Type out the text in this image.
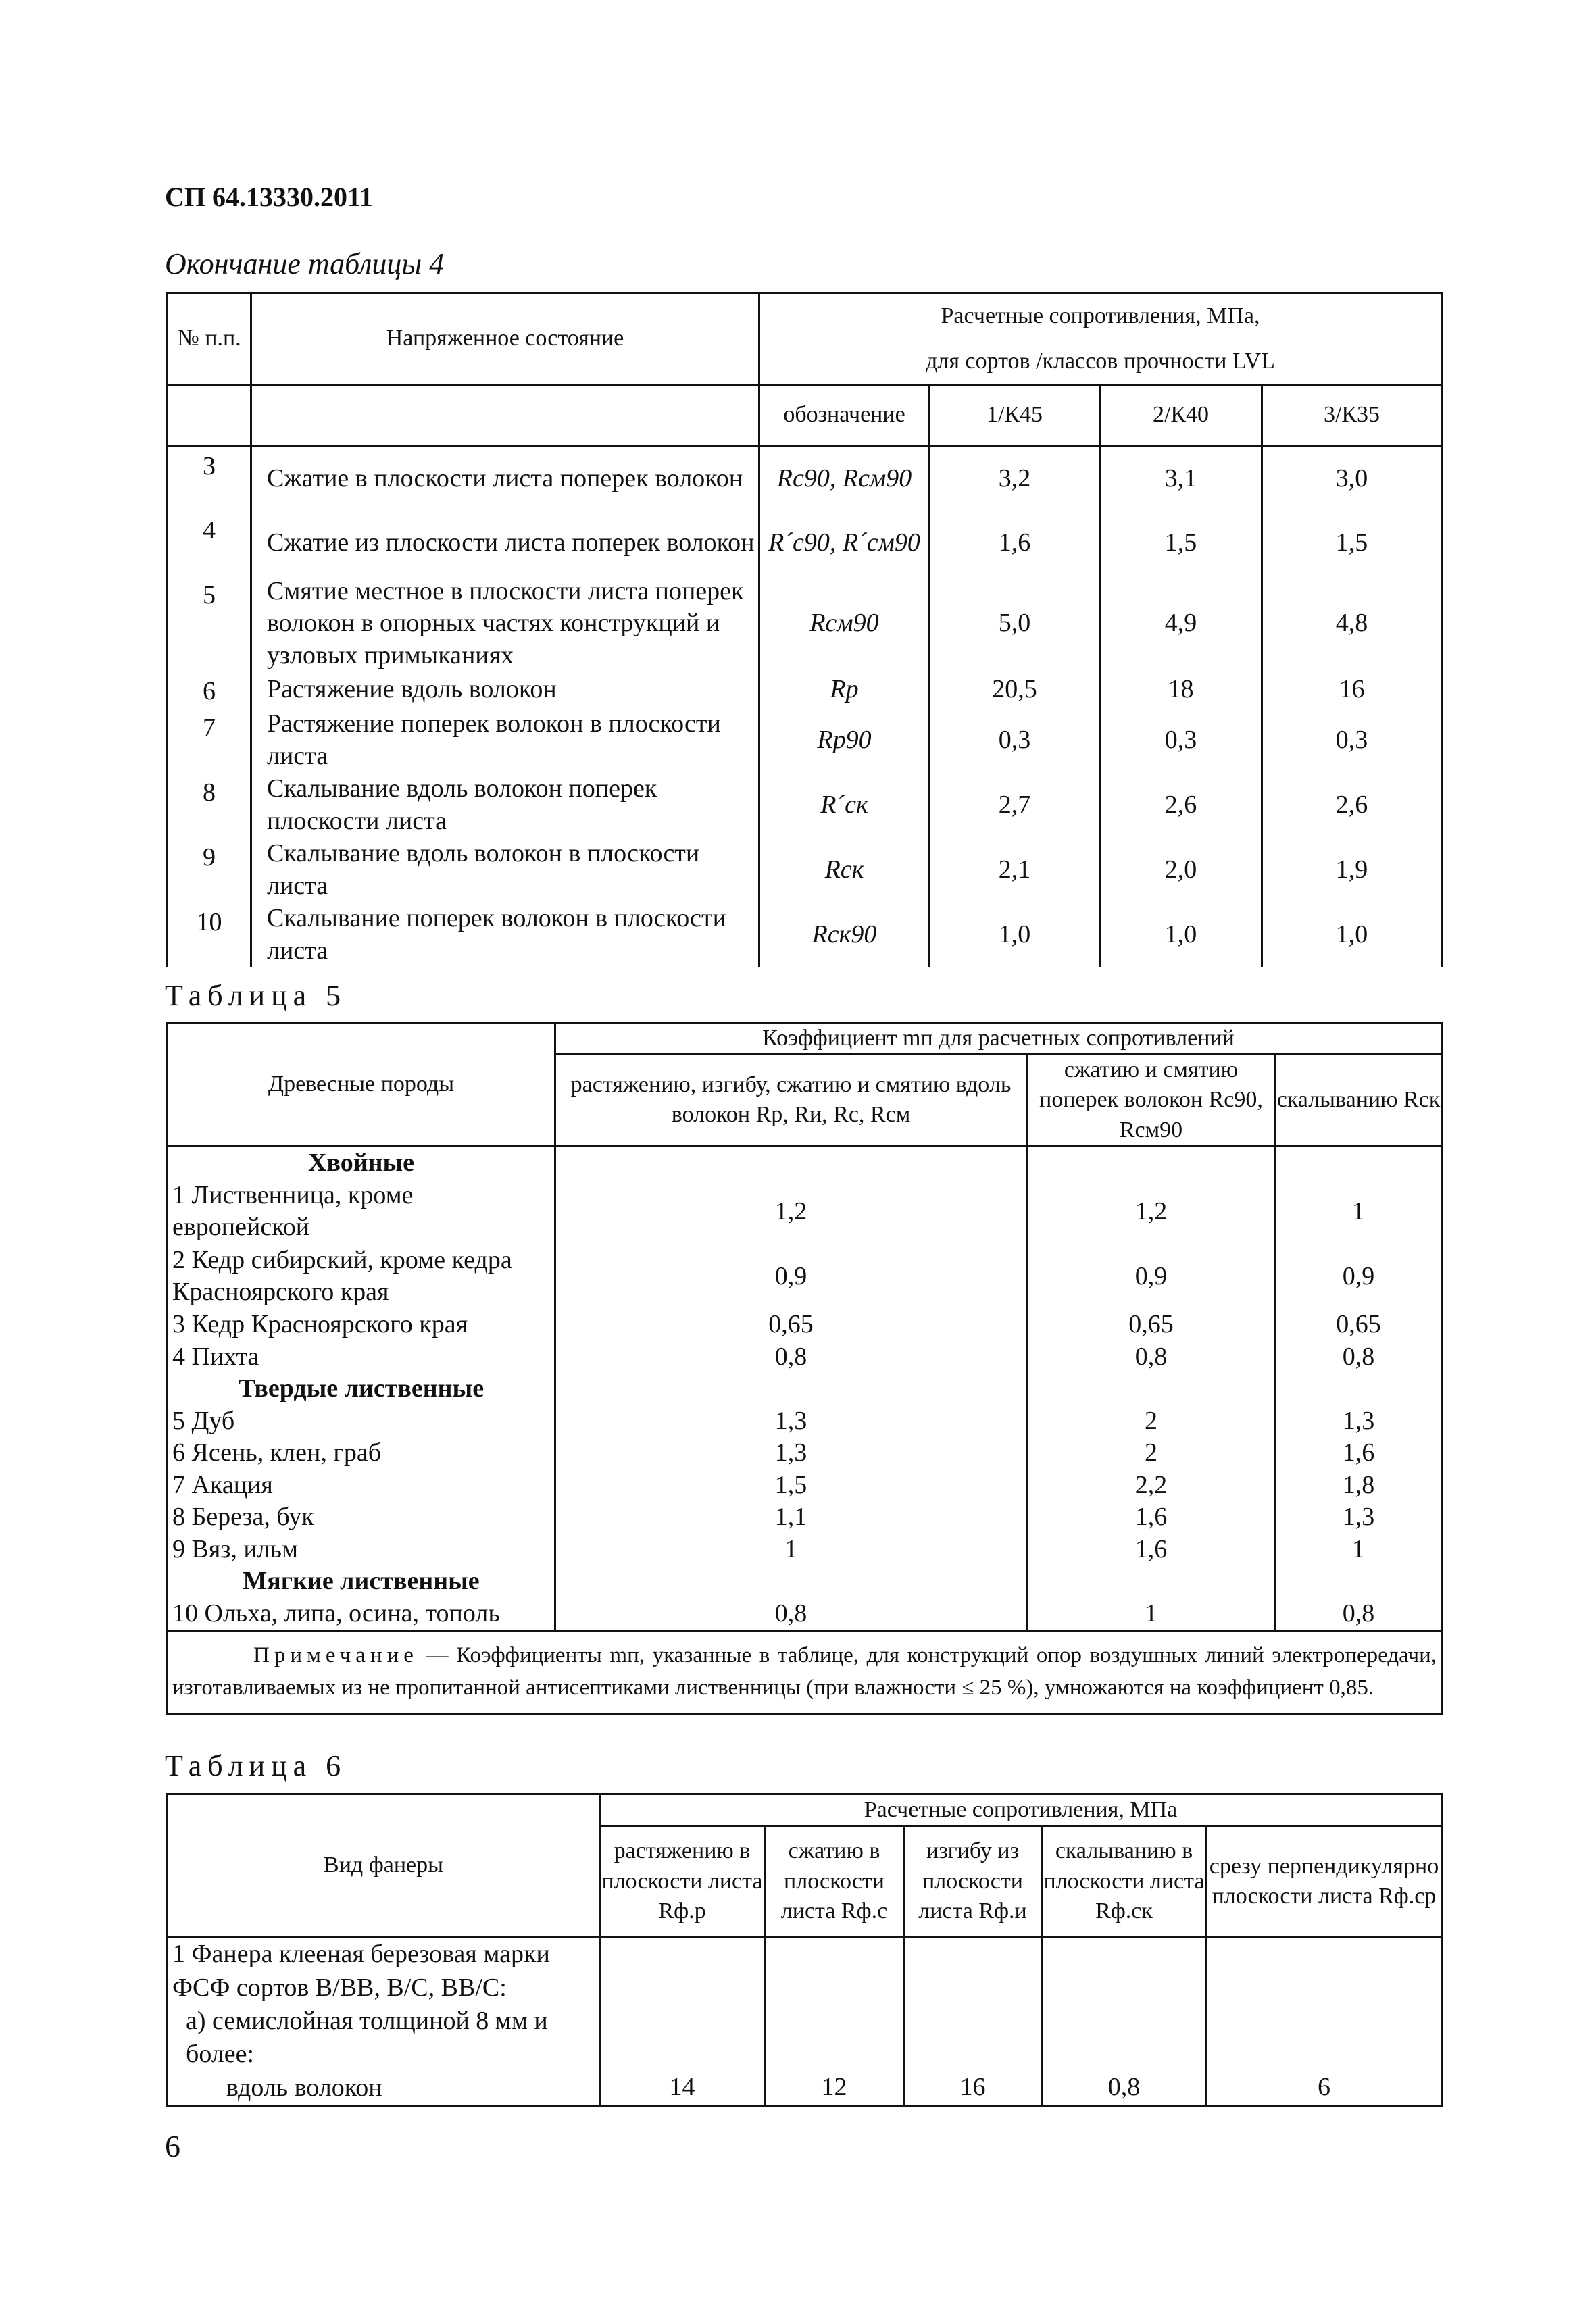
СП 64.13330.2011
Окончание таблицы 4
№ п.п.	Напряженное состояние	Расчетные сопротивления, МПа,			
		для сортов /классов прочности LVL			
		обозначение	1/К45	2/К40	3/К35
3	Сжатие в плоскости листа поперек волокон	Rс90, Rсм90	3,2	3,1	3,0
4	Сжатие из плоскости листа поперек волокон	R´с90, R´см90	1,6	1,5	1,5
5	Смятие местное в плоскости листа поперек волокон в опорных частях конструкций и узловых примыканиях	Rсм90	5,0	4,9	4,8
6	Растяжение вдоль волокон	Rр	20,5	18	16
7	Растяжение поперек волокон в плоскости листа	Rр90	0,3	0,3	0,3
8	Скалывание вдоль волокон поперек плоскости листа	R´ск	2,7	2,6	2,6
9	Скалывание вдоль волокон в плоскости листа	Rск	2,1	2,0	1,9
10	Скалывание поперек волокон в плоскости листа	Rск90	1,0	1,0	1,0
Таблица 5
Древесные породы	Коэффициент mп для расчетных сопротивлений		
	растяжению, изгибу, сжатию и смятию вдоль волокон Rр, Rи, Rс, Rсм	сжатию и смятию поперек волокон Rс90, Rсм90	скалыванию Rск
Хвойные			
1 Лиственница, кроме европейской	1,2	1,2	1
2 Кедр сибирский, кроме кедра Красноярского края	0,9	0,9	0,9
3 Кедр Красноярского края	0,65	0,65	0,65
4 Пихта	0,8	0,8	0,8
Твердые лиственные			
5 Дуб	1,3	2	1,3
6 Ясень, клен, граб	1,3	2	1,6
7 Акация	1,5	2,2	1,8
8 Береза, бук	1,1	1,6	1,3
9 Вяз, ильм	1	1,6	1
Мягкие лиственные			
10 Ольха, липа, осина, тополь	0,8	1	0,8
Примечание — Коэффициенты mп, указанные в таблице, для конструкций опор воздушных линий электропередачи, изготавливаемых из не пропитанной антисептиками лиственницы (при влажности ≤ 25 %), умножаются на коэффициент 0,85.			
Таблица 6
Вид фанеры	Расчетные сопротивления, МПа				
	растяжению в плоскости листа Rф.р	сжатию в плоскости листа Rф.с	изгибу из плоскости листа Rф.и	скалыванию в плоскости листа Rф.ск	срезу перпендикулярно плоскости листа Rф.ср

1 Фанера клееная березовая марки
ФСФ сортов В/ВВ, В/С, ВВ/С:
а) семислойная толщиной 8 мм и
более:
вдоль волокон	14	12	16	0,8	6
6
